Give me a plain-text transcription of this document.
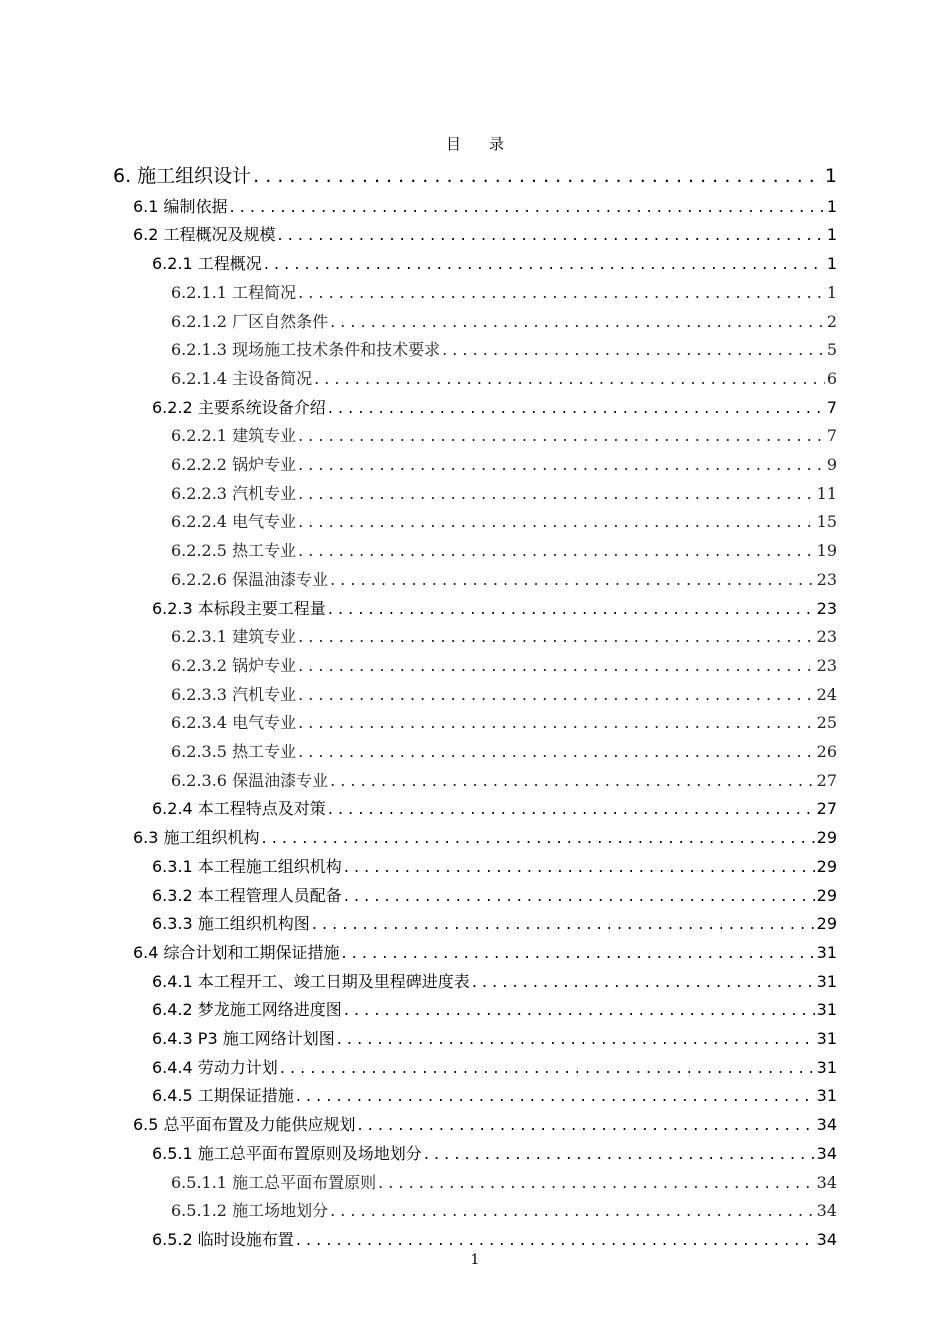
目 录
6. 施工组织设计 . . .	1
6.1 编制依据 . . .	1
6.2 工程概况及规模 . . .	1
6.2.1 工程概况 . . .	1
6.2.1.1 工程简况 . . .	1
6.2.1.2 厂区自然条件 . . .	2
6.2.1.3 现场施工技术条件和技术要求 . . .	5
6.2.1.4 主设备简况 . . .	6
6.2.2 主要系统设备介绍 . . .	7
6.2.2.1 建筑专业 . . .	7
6.2.2.2 锅炉专业 . . .	9
6.2.2.3 汽机专业 . . .	11
6.2.2.4 电气专业 . . .	15
6.2.2.5 热工专业 . . .	19
6.2.2.6 保温油漆专业 . . .	23
6.2.3 本标段主要工程量 . . .	23
6.2.3.1 建筑专业 . . .	23
6.2.3.2 锅炉专业 . . .	23
6.2.3.3 汽机专业 . . .	24
6.2.3.4 电气专业 . . .	25
6.2.3.5 热工专业 . . .	26
6.2.3.6 保温油漆专业 . . .	27
6.2.4 本工程特点及对策 . . .	27
6.3 施工组织机构 . . .	29
6.3.1 本工程施工组织机构 . . .	29
6.3.2 本工程管理人员配备 . . .	29
6.3.3 施工组织机构图 . . .	29
6.4 综合计划和工期保证措施 . . .	31
6.4.1 本工程开工、竣工日期及里程碑进度表 . . .	31
6.4.2 梦龙施工网络进度图 . . .	31
6.4.3 P3 施工网络计划图 . . .	31
6.4.4 劳动力计划 . . .	31
6.4.5 工期保证措施 . . .	31
6.5 总平面布置及力能供应规划 . . .	34
6.5.1 施工总平面布置原则及场地划分 . . .	34
6.5.1.1 施工总平面布置原则 . . .	34
6.5.1.2 施工场地划分 . . .	34
6.5.2 临时设施布置 . . .	34
1
